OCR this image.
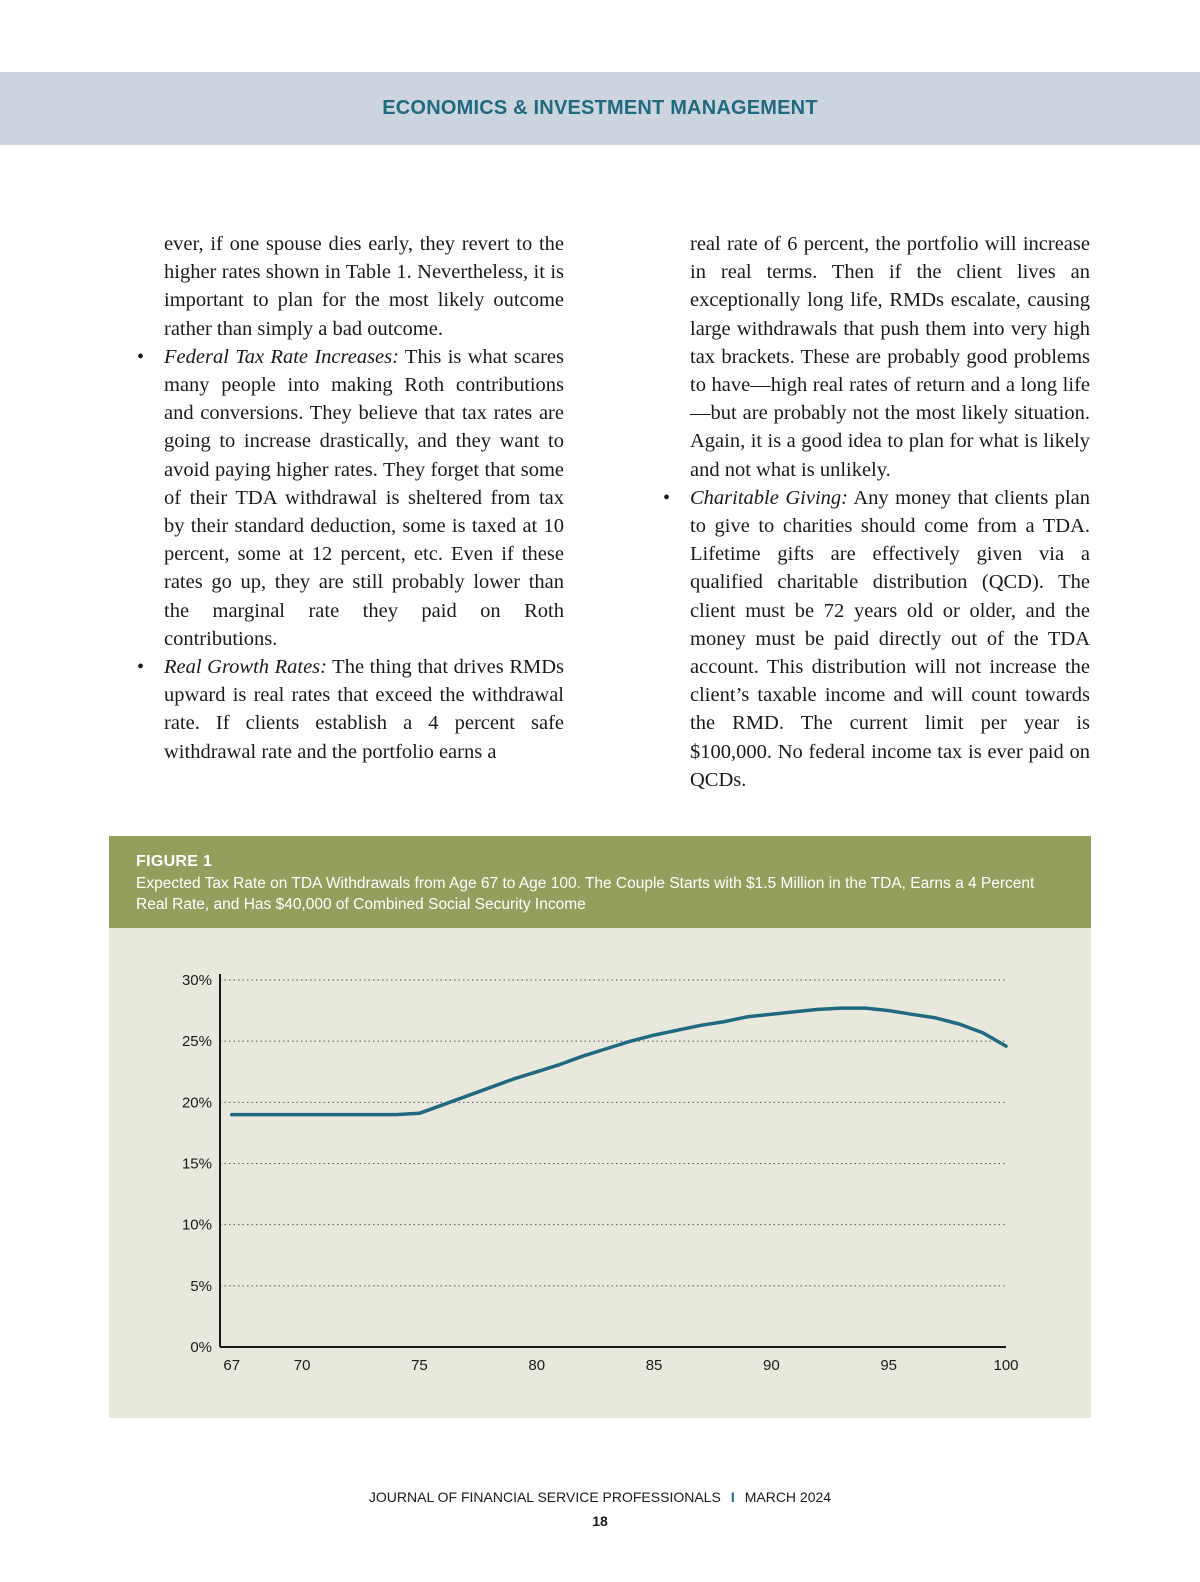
ECONOMICS & INVESTMENT MANAGEMENT

ever, if one spouse dies early, they revert to the higher rates shown in Table 1. Nevertheless, it is important to plan for the most likely outcome rather than simply a bad outcome.

• Federal Tax Rate Increases: This is what scares many people into making Roth contributions and conversions. They believe that tax rates are going to increase drastically, and they want to avoid paying higher rates. They forget that some of their TDA withdrawal is sheltered from tax by their standard deduction, some is taxed at 10 percent, some at 12 percent, etc. Even if these rates go up, they are still probably lower than the marginal rate they paid on Roth contributions.

• Real Growth Rates: The thing that drives RMDs upward is real rates that exceed the withdrawal rate. If clients establish a 4 percent safe withdrawal rate and the portfolio earns a

real rate of 6 percent, the portfolio will increase in real terms. Then if the client lives an exceptionally long life, RMDs escalate, causing large withdrawals that push them into very high tax brackets. These are probably good problems to have—high real rates of return and a long life—but are probably not the most likely situation. Again, it is a good idea to plan for what is likely and not what is unlikely.

• Charitable Giving: Any money that clients plan to give to charities should come from a TDA. Lifetime gifts are effectively given via a qualified charitable distribution (QCD). The client must be 72 years old or older, and the money must be paid directly out of the TDA account. This distribution will not increase the client’s taxable income and will count towards the RMD. The current limit per year is $100,000. No federal income tax is ever paid on QCDs.

FIGURE 1
Expected Tax Rate on TDA Withdrawals from Age 67 to Age 100. The Couple Starts with $1.5 Million in the TDA, Earns a 4 Percent Real Rate, and Has $40,000 of Combined Social Security Income
0%
5%
10%
15%
20%
25%
30%
67	70	75	80	85	90	95	100
JOURNAL OF FINANCIAL SERVICE PROFESSIONALS I MARCH 2024
18
